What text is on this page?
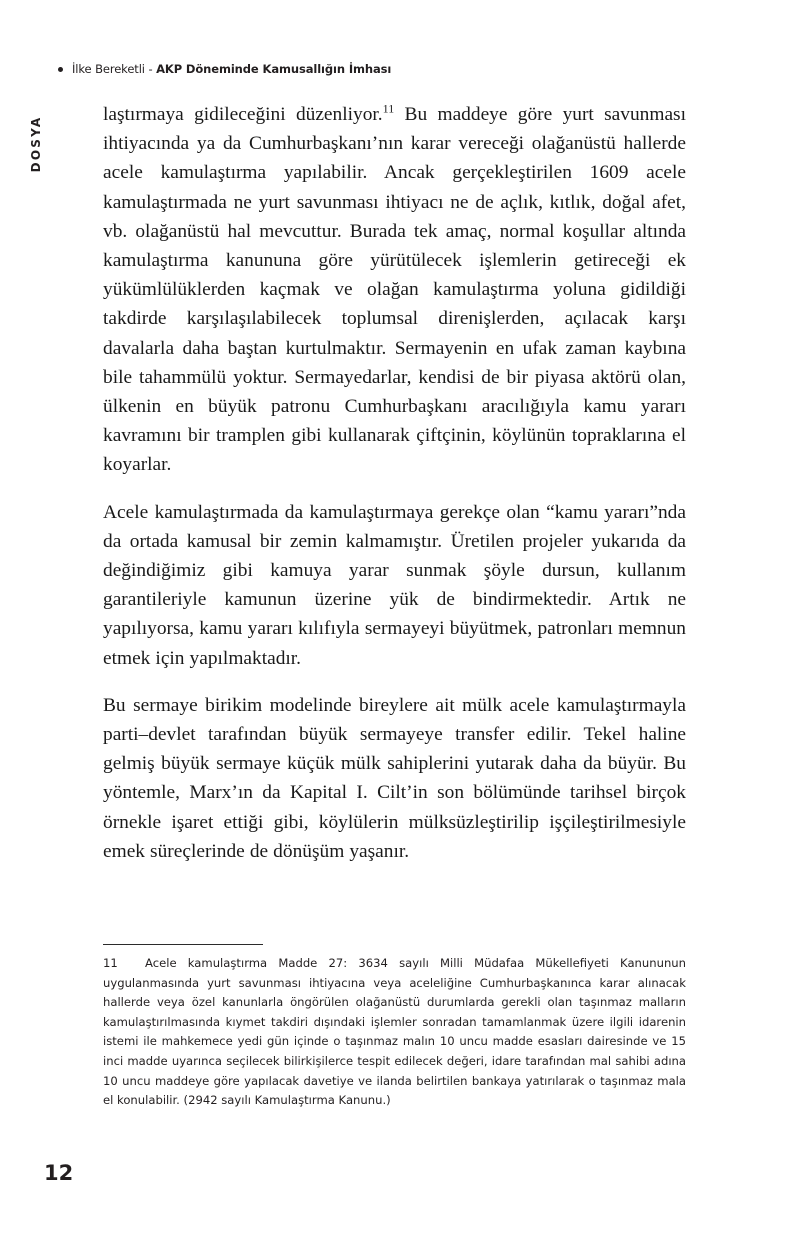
İlke Bereketli - AKP Döneminde Kamusallığın İmhası
DOSYA

laştırmaya gidileceğini düzenliyor.$^{11}$ Bu maddeye göre yurt savunması ihtiyacında ya da Cumhurbaşkanı’nın karar vereceği olağanüstü hallerde acele kamulaştırma yapılabilir. Ancak gerçekleştirilen 1609 acele kamulaştırmada ne yurt savunması ihtiyacı ne de açlık, kıtlık, doğal afet, vb. olağanüstü hal mevcuttur. Burada tek amaç, normal koşullar altında kamulaştırma kanununa göre yürütülecek işlemlerin getireceği ek yükümlülüklerden kaçmak ve olağan kamulaştırma yoluna gidildiği takdirde karşılaşılabilecek toplumsal direnişlerden, açılacak karşı davalarla daha baştan kurtulmaktır. Sermayenin en ufak zaman kaybına bile tahammülü yoktur. Sermayedarlar, kendisi de bir piyasa aktörü olan, ülkenin en büyük patronu Cumhurbaşkanı aracılığıyla kamu yararı kavramını bir tramplen gibi kullanarak çiftçinin, köylünün topraklarına el koyarlar.

Acele kamulaştırmada da kamulaştırmaya gerekçe olan “kamu yararı”nda da ortada kamusal bir zemin kalmamıştır. Üretilen projeler yukarıda da değindiğimiz gibi kamuya yarar sunmak şöyle dursun, kullanım garantileriyle kamunun üzerine yük de bindirmektedir. Artık ne yapılıyorsa, kamu yararı kılıfıyla sermayeyi büyütmek, patronları memnun etmek için yapılmaktadır.

Bu sermaye birikim modelinde bireylere ait mülk acele kamulaştırmayla parti–devlet tarafından büyük sermayeye transfer edilir. Tekel haline gelmiş büyük sermaye küçük mülk sahiplerini yutarak daha da büyür. Bu yöntemle, Marx’ın da Kapital I. Cilt’in son bölümünde tarihsel birçok örnekle işaret ettiği gibi, köylülerin mülksüzleştirilip işçileştirilmesiyle emek süreçlerinde de dönüşüm yaşanır.

11 Acele kamulaştırma Madde 27: 3634 sayılı Milli Müdafaa Mükellefiyeti Kanununun uygulanmasında yurt savunması ihtiyacına veya aceleliğine Cumhurbaşkanınca karar alınacak hallerde veya özel kanunlarla öngörülen olağanüstü durumlarda gerekli olan taşınmaz malların kamulaştırılmasında kıymet takdiri dışındaki işlemler sonradan tamamlanmak üzere ilgili idarenin istemi ile mahkemece yedi gün içinde o taşınmaz malın 10 uncu madde esasları dairesinde ve 15 inci madde uyarınca seçilecek bilirkişilerce tespit edilecek değeri, idare tarafından mal sahibi adına 10 uncu maddeye göre yapılacak davetiye ve ilanda belirtilen bankaya yatırılarak o taşınmaz mala el konulabilir. (2942 sayılı Kamulaştırma Kanunu.)

12
